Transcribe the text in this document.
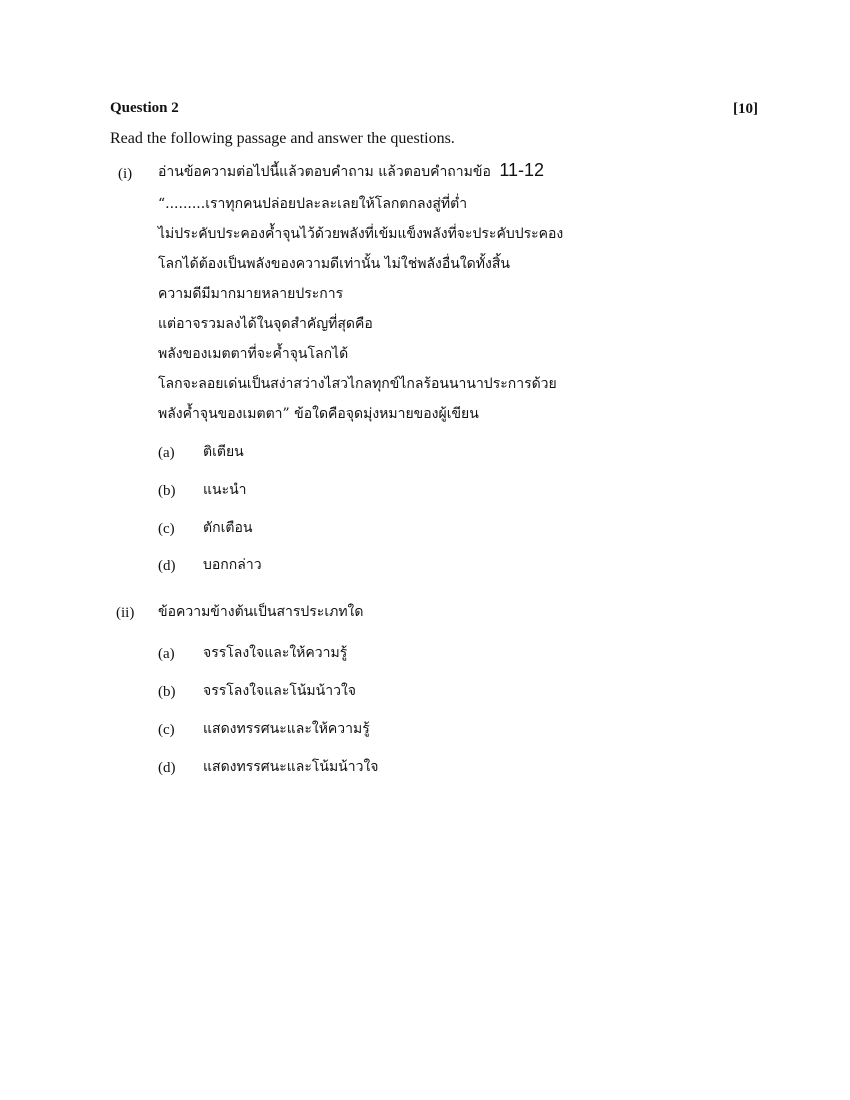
Question 2	[10]
Read the following passage and answer the questions.
(i) อ่านข้อความต่อไปนี้แล้วตอบคำถาม แล้วตอบคำถามข้อ 11-12
“.........เราทุกคนปล่อยปละละเลยให้โลกตกลงสู่ที่ต่ำ
ไม่ประคับประคองค้ำจุนไว้ด้วยพลังที่เข้มแข็งพลังที่จะประคับประคอง
โลกได้ต้องเป็นพลังของความดีเท่านั้น ไม่ใช่พลังอื่นใดทั้งสิ้น
ความดีมีมากมายหลายประการ
แต่อาจรวมลงได้ในจุดสำคัญที่สุดคือ
พลังของเมตตาที่จะค้ำจุนโลกได้
โลกจะลอยเด่นเป็นสง่าสว่างไสวไกลทุกข์ไกลร้อนนานาประการด้วย
พลังค้ำจุนของเมตตา” ข้อใดคือจุดมุ่งหมายของผู้เขียน
(a) ติเตียน
(b) แนะนำ
(c) ตักเตือน
(d) บอกกล่าว
(ii) ข้อความข้างต้นเป็นสารประเภทใด
(a) จรรโลงใจและให้ความรู้
(b) จรรโลงใจและโน้มน้าวใจ
(c) แสดงทรรศนะและให้ความรู้
(d) แสดงทรรศนะและโน้มน้าวใจ
